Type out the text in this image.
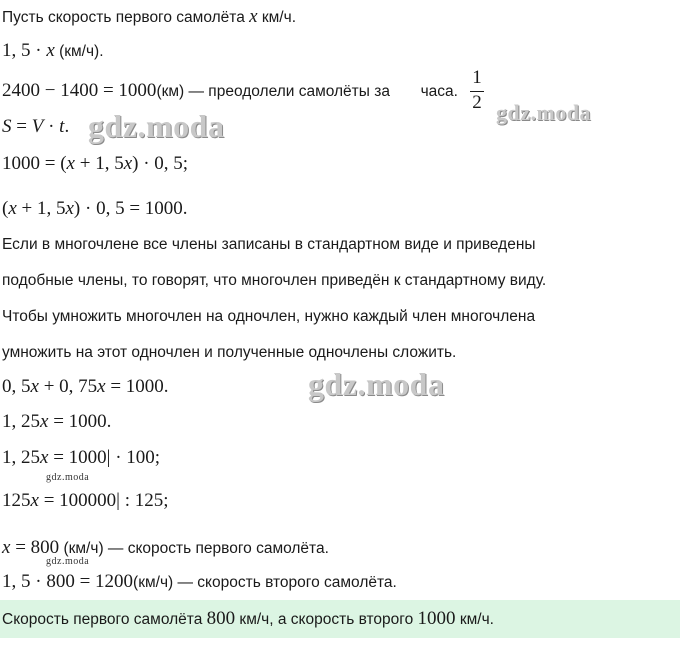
Пусть скорость первого самолёта x км/ч.
1, 5 · x (км/ч).
2400 − 1400 = 1000(км) — преодолели самолёты за  часа.
1
2
S = V · t. gdz.moda	gdz.moda
1000 = (x + 1, 5x) · 0, 5;
(x + 1, 5x) · 0, 5 = 1000.
Если в многочлене все члены записаны в стандартном виде и приведены
подобные члены, то говорят, что многочлен приведён к стандартному виду.
Чтобы умножить многочлен на одночлен, нужно каждый член многочлена
умножить на этот одночлен и полученные одночлены сложить.
0, 5x + 0, 75x = 1000.	gdz.moda
1, 25x = 1000.
1, 25x = 1000| · 100;
gdz.moda
125x = 100000| : 125;
x = 800 (км/ч) — скорость первого самолёта.
gdz.moda
1, 5 · 800 = 1200(км/ч) — скорость второго самолёта.
Скорость первого самолёта 800 км/ч, а скорость второго 1000 км/ч.
